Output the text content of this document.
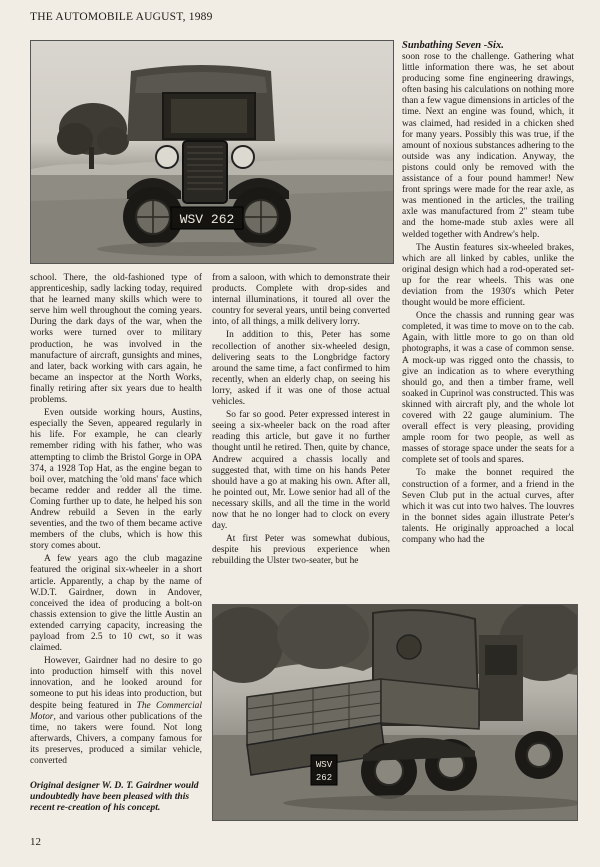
THE AUTOMOBILE AUGUST, 1989
Sunbathing Seven -Six.
WSV 262

school. There, the old-fashioned type of apprenticeship, sadly lacking today, required that he learned many skills which were to serve him well throughout the coming years. During the dark days of the war, when the works were turned over to military production, he was involved in the manufacture of aircraft, gunsights and mines, and later, back working with cars again, he became an inspector at the North Works, finally retiring after six years due to health problems.

Even outside working hours, Austins, especially the Seven, appeared regularly in his life. For example, he can clearly remember riding with his father, who was attempting to climb the Bristol Gorge in OPA 374, a 1928 Top Hat, as the engine began to boil over, matching the 'old mans' face which became redder and redder all the time. Coming further up to date, he helped his son Andrew rebuild a Seven in the early seventies, and the two of them became active members of the clubs, which is how this story comes about.

A few years ago the club magazine featured the original six-wheeler in a short article. Apparently, a chap by the name of W.D.T. Gairdner, down in Andover, conceived the idea of producing a bolt-on chassis extension to give the little Austin an extended carrying capacity, increasing the payload from 2.5 to 10 cwt, so it was claimed.

However, Gairdner had no desire to go into production himself with this novel innovation, and he looked around for someone to put his ideas into production, but despite being featured in The Commercial Motor, and various other publications of the time, no takers were found. Not long afterwards, Chivers, a company famous for its preserves, produced a similar vehicle, converted

from a saloon, with which to demonstrate their products. Complete with drop-sides and internal illuminations, it toured all over the country for several years, until being converted into, of all things, a milk delivery lorry.

In addition to this, Peter has some recollection of another six-wheeled design, delivering seats to the Longbridge factory around the same time, a fact confirmed to him recently, when an elderly chap, on seeing his lorry, asked if it was one of those actual vehicles.

So far so good. Peter expressed interest in seeing a six-wheeler back on the road after reading this article, but gave it no further thought until he retired. Then, quite by chance, Andrew acquired a chassis locally and suggested that, with time on his hands Peter should have a go at making his own. After all, he pointed out, Mr. Lowe senior had all of the necessary skills, and all the time in the world now that he no longer had to clock on every day.

At first Peter was somewhat dubious, despite his previous experience when rebuilding the Ulster two-seater, but he

soon rose to the challenge. Gathering what little information there was, he set about producing some fine engineering drawings, often basing his calculations on nothing more than a few vague dimensions in articles of the time. Next an engine was found, which, it was claimed, had resided in a chicken shed for many years. Possibly this was true, if the amount of noxious substances adhering to the outside was any indication. Anyway, the pistons could only be removed with the assistance of a four pound hammer! New front springs were made for the rear axle, as was mentioned in the articles, the trailing axle was manufactured from 2" steam tube and the home-made stub axles were all welded together with Andrew's help.

The Austin features six-wheeled brakes, which are all linked by cables, unlike the original design which had a rod-operated set-up for the rear wheels. This was one deviation from the 1930's which Peter thought would be more efficient.

Once the chassis and running gear was completed, it was time to move on to the cab. Again, with little more to go on than old photographs, it was a case of common sense. A mock-up was rigged onto the chassis, to give an indication as to where everything should go, and then a timber frame, well soaked in Cuprinol was constructed. This was skinned with aircraft ply, and the whole lot covered with 22 gauge aluminium. The overall effect is very pleasing, providing ample room for two people, as well as masses of storage space under the seats for a complete set of tools and spares.

To make the bonnet required the construction of a former, and a friend in the Seven Club put in the actual curves, after which it was cut into two halves. The louvres in the bonnet sides again illustrate Peter's talents. He originally approached a local company who had the

WSV
262
Original designer W. D. T. Gairdner would undoubtedly have been pleased with this recent re-creation of his concept.
12
